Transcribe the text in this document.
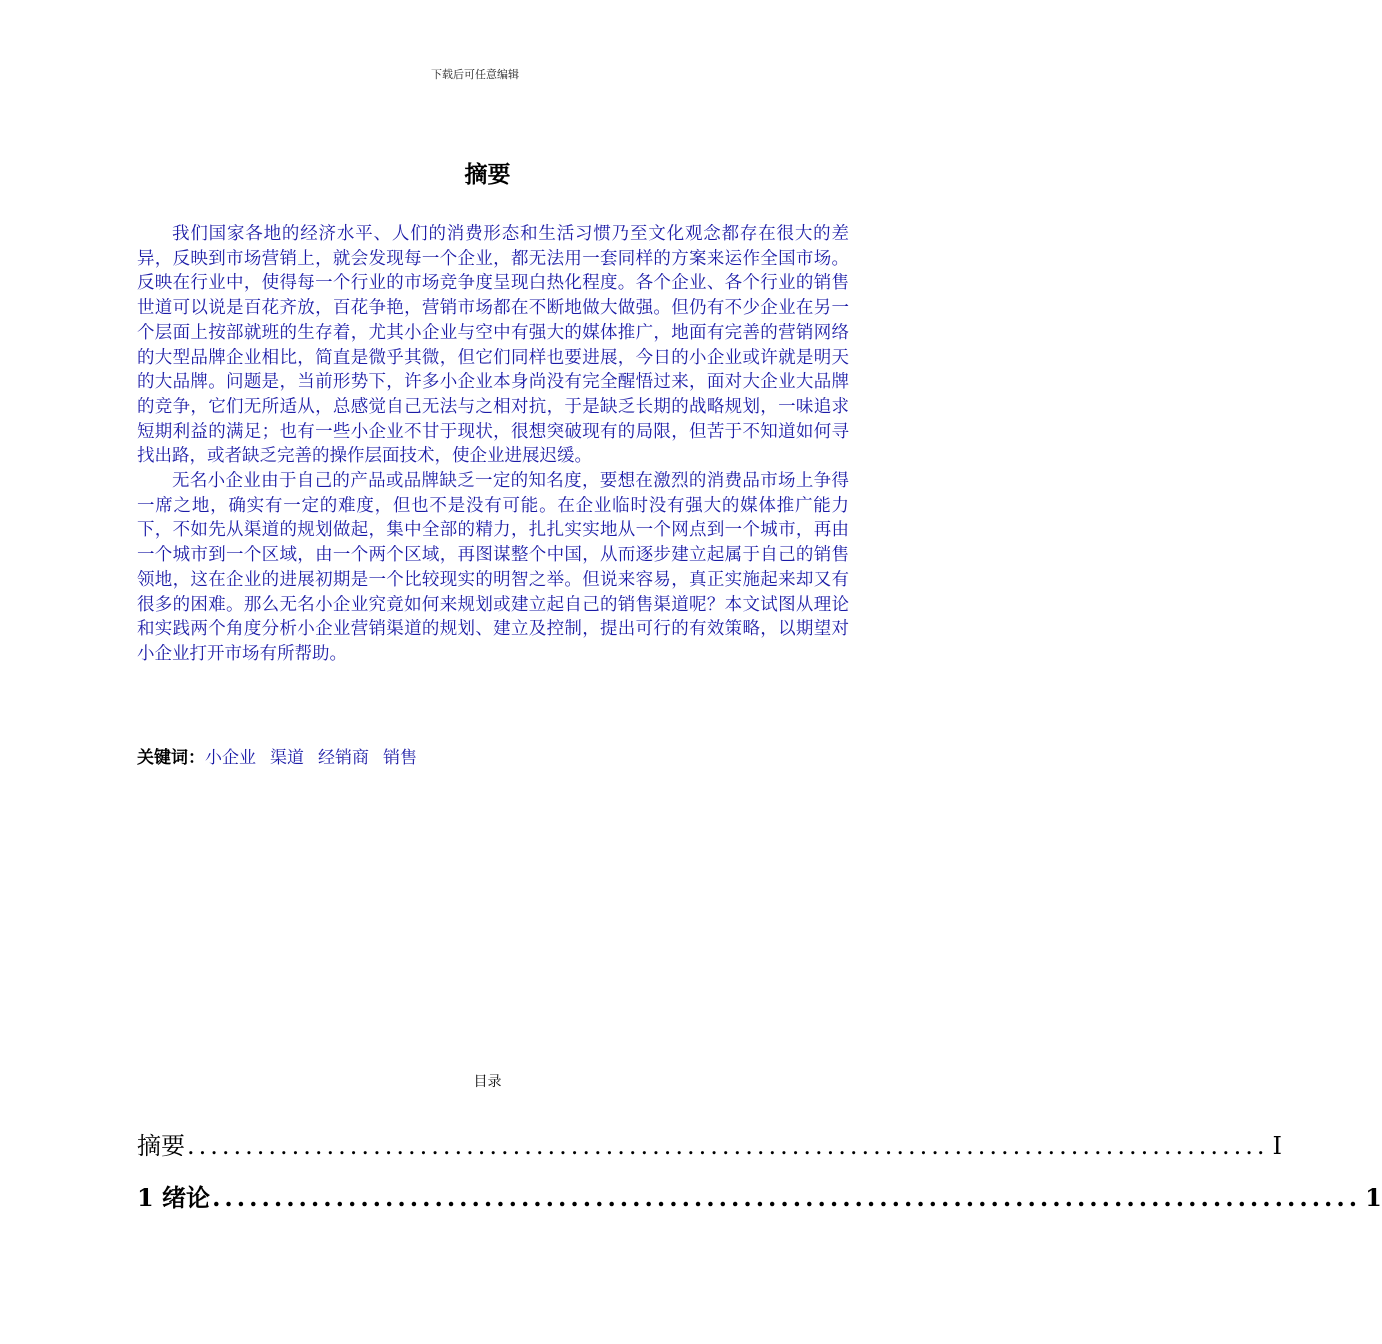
下载后可任意编辑
摘要

我们国家各地的经济水平、人们的消费形态和生活习惯乃至文化观念都存在很大的差异，反映到市场营销上，就会发现每一个企业，都无法用一套同样的方案来运作全国市场。反映在行业中，使得每一个行业的市场竞争度呈现白热化程度。各个企业、各个行业的销售世道可以说是百花齐放，百花争艳，营销市场都在不断地做大做强。但仍有不少企业在另一个层面上按部就班的生存着，尤其小企业与空中有强大的媒体推广，地面有完善的营销网络的大型品牌企业相比，简直是微乎其微，但它们同样也要进展，今日的小企业或许就是明天的大品牌。问题是，当前形势下，许多小企业本身尚没有完全醒悟过来，面对大企业大品牌的竞争，它们无所适从，总感觉自己无法与之相对抗，于是缺乏长期的战略规划，一味追求短期利益的满足；也有一些小企业不甘于现状，很想突破现有的局限，但苦于不知道如何寻找出路，或者缺乏完善的操作层面技术，使企业进展迟缓。

无名小企业由于自己的产品或品牌缺乏一定的知名度，要想在激烈的消费品市场上争得一席之地，确实有一定的难度，但也不是没有可能。在企业临时没有强大的媒体推广能力下，不如先从渠道的规划做起，集中全部的精力，扎扎实实地从一个网点到一个城市，再由一个城市到一个区域，由一个两个区域，再图谋整个中国，从而逐步建立起属于自己的销售领地，这在企业的进展初期是一个比较现实的明智之举。但说来容易，真正实施起来却又有很多的困难。那么无名小企业究竟如何来规划或建立起自己的销售渠道呢？本文试图从理论和实践两个角度分析小企业营销渠道的规划、建立及控制，提出可行的有效策略，以期望对小企业打开市场有所帮助。

关键词：小企业 渠道 经销商 销售
目录
摘要 ............................................................................................. I
1 绪论 ............................................................................................. 1
